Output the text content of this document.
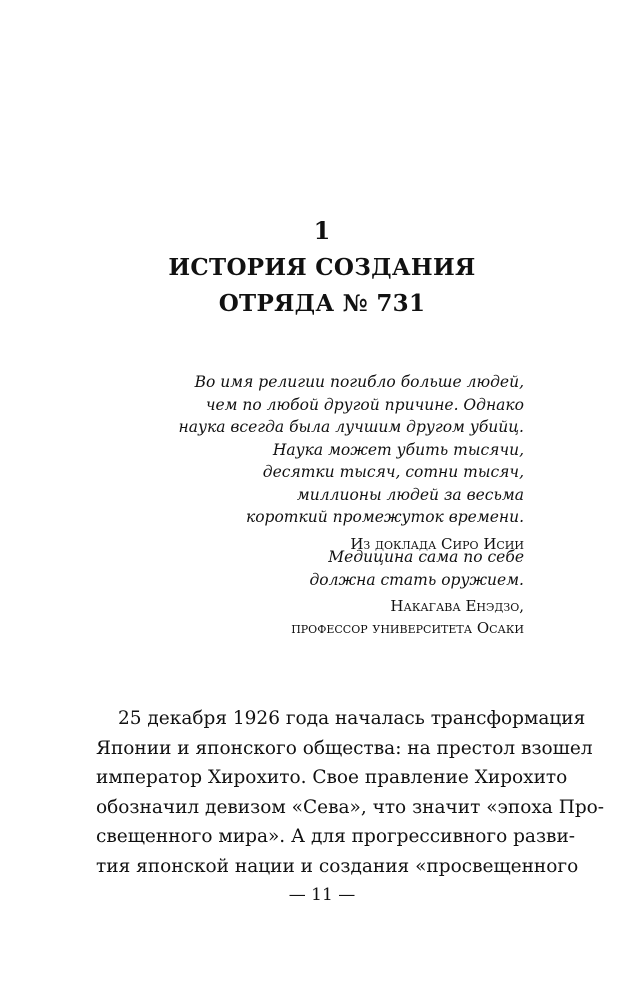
1
ИСТОРИЯ СОЗДАНИЯ
ОТРЯДА № 731
Во имя религии погибло больше людей,
чем по любой другой причине. Однако
наука всегда была лучшим другом убийц.
Наука может убить тысячи,
десятки тысяч, сотни тысяч,
миллионы людей за весьма
короткий промежуток времени.
Из доклада Сиро Исии
Медицина сама по себе
должна стать оружием.
Накагава Енэдзо,
профессор университета Осаки
25 декабря 1926 года началась трансформация
Японии и японского общества: на престол взошел
император Хирохито. Свое правление Хирохито
обозначил девизом «Сева», что значит «эпоха Про-
свещенного мира». А для прогрессивного разви-
тия японской нации и создания «просвещенного
— 11 —
